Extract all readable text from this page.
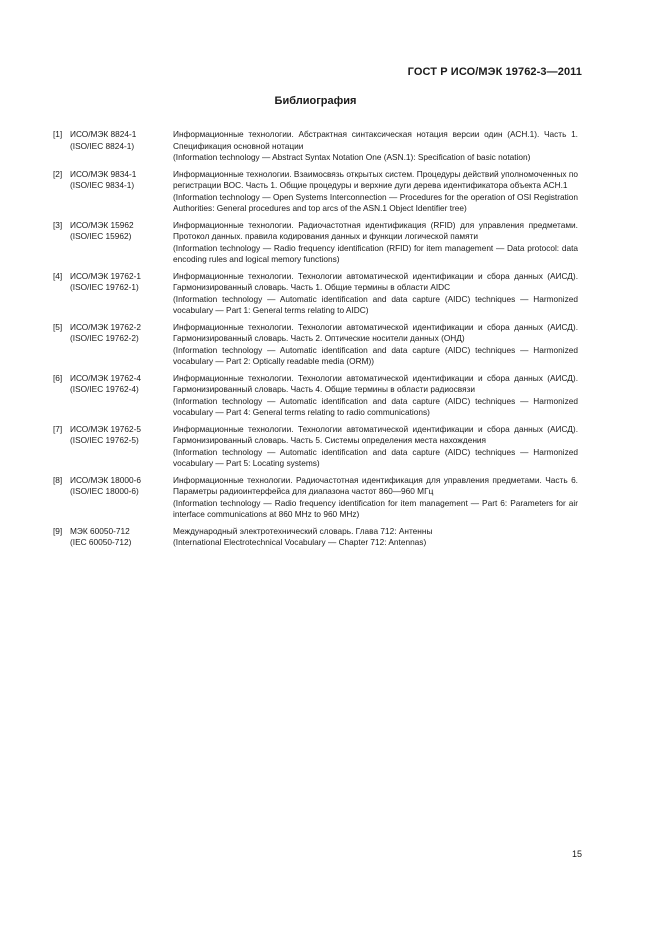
ГОСТ Р ИСО/МЭК 19762-3—2011
Библиография
[1] ИСО/МЭК 8824-1
(ISO/IEC 8824-1)
Информационные технологии. Абстрактная синтаксическая нотация версии один (АСН.1). Часть 1. Спецификация основной нотации
(Information technology — Abstract Syntax Notation One (ASN.1): Specification of basic notation)
[2] ИСО/МЭК 9834-1
(ISO/IEC 9834-1)
Информационные технологии. Взаимосвязь открытых систем. Процедуры действий уполномоченных по регистрации ВОС. Часть 1. Общие процедуры и верхние дуги дерева идентификатора объекта АСН.1
(Information technology — Open Systems Interconnection — Procedures for the operation of OSI Registration Authorities: General procedures and top arcs of the ASN.1 Object Identifier tree)
[3] ИСО/МЭК 15962
(ISO/IEC 15962)
Информационные технологии. Радиочастотная идентификация (RFID) для управления предметами. Протокол данных. правила кодирования данных и функции логической памяти
(Information technology — Radio frequency identification (RFID) for item management — Data protocol: data encoding rules and logical memory functions)
[4] ИСО/МЭК 19762-1
(ISO/IEC 19762-1)
Информационные технологии. Технологии автоматической идентификации и сбора данных (АИСД). Гармонизированный словарь. Часть 1. Общие термины в области AIDC
(Information technology — Automatic identification and data capture (AIDC) techniques — Harmonized vocabulary — Part 1: General terms relating to AIDC)
[5] ИСО/МЭК 19762-2
(ISO/IEC 19762-2)
Информационные технологии. Технологии автоматической идентификации и сбора данных (АИСД). Гармонизированный словарь. Часть 2. Оптические носители данных (ОНД)
(Information technology — Automatic identification and data capture (AIDC) techniques — Harmonized vocabulary — Part 2: Optically readable media (ORM))
[6] ИСО/МЭК 19762-4
(ISO/IEC 19762-4)
Информационные технологии. Технологии автоматической идентификации и сбора данных (АИСД). Гармонизированный словарь. Часть 4. Общие термины в области радиосвязи
(Information technology — Automatic identification and data capture (AIDC) techniques — Harmonized vocabulary — Part 4: General terms relating to radio communications)
[7] ИСО/МЭК 19762-5
(ISO/IEC 19762-5)
Информационные технологии. Технологии автоматической идентификации и сбора данных (АИСД). Гармонизированный словарь. Часть 5. Системы определения места нахождения
(Information technology — Automatic identification and data capture (AIDC) techniques — Harmonized vocabulary — Part 5: Locating systems)
[8] ИСО/МЭК 18000-6
(ISO/IEC 18000-6)
Информационные технологии. Радиочастотная идентификация для управления предметами. Часть 6. Параметры радиоинтерфейса для диапазона частот 860—960 МГц
(Information technology — Radio frequency identification for item management — Part 6: Parameters for air interface communications at 860 MHz to 960 MHz)
[9] МЭК 60050-712
(IEC 60050-712)
Международный электротехнический словарь. Глава 712: Антенны
(International Electrotechnical Vocabulary — Chapter 712: Antennas)
15
